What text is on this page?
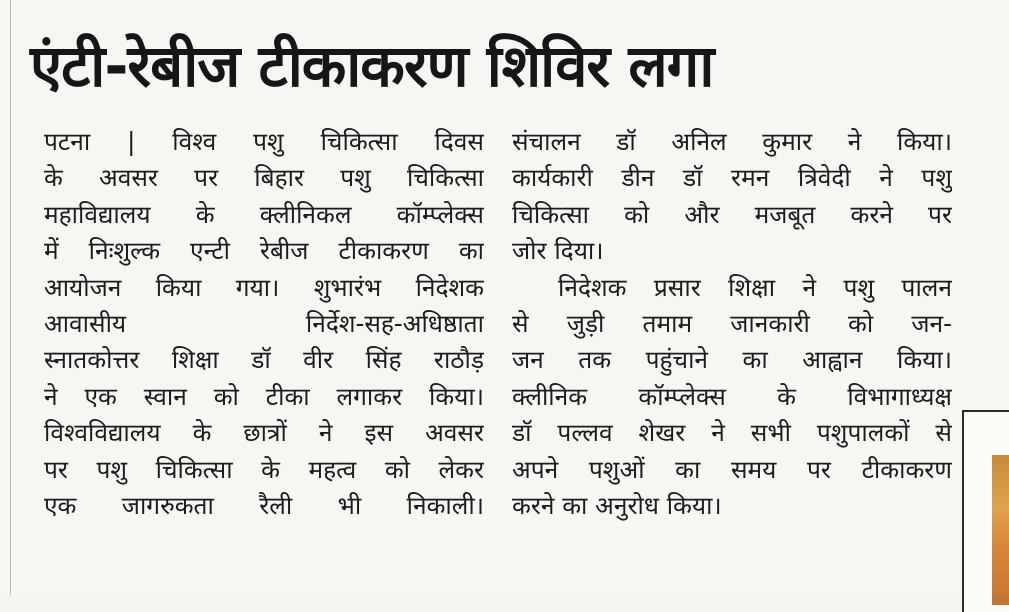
एंटी-रेबीज टीकाकरण शिविर लगा
पटना | विश्व पशु चिकित्सा दिवस
के अवसर पर बिहार पशु चिकित्सा
महाविद्यालय के क्लीनिकल कॉम्प्लेक्स
में निःशुल्क एन्टी रेबीज टीकाकरण का
आयोजन किया गया। शुभारंभ निदेशक
आवासीय निर्देश-सह-अधिष्ठाता
स्नातकोत्तर शिक्षा डॉ वीर सिंह राठौड़
ने एक स्वान को टीका लगाकर किया।
विश्वविद्यालय के छात्रों ने इस अवसर
पर पशु चिकित्सा के महत्व को लेकर
एक जागरुकता रैली भी निकाली।
संचालन डॉ अनिल कुमार ने किया।
कार्यकारी डीन डॉ रमन त्रिवेदी ने पशु
चिकित्सा को और मजबूत करने पर
जोर दिया।
निदेशक प्रसार शिक्षा ने पशु पालन
से जुड़ी तमाम जानकारी को जन-
जन तक पहुंचाने का आह्वान किया।
क्लीनिक कॉम्प्लेक्स के विभागाध्यक्ष
डॉ पल्लव शेखर ने सभी पशुपालकों से
अपने पशुओं का समय पर टीकाकरण
करने का अनुरोध किया।
